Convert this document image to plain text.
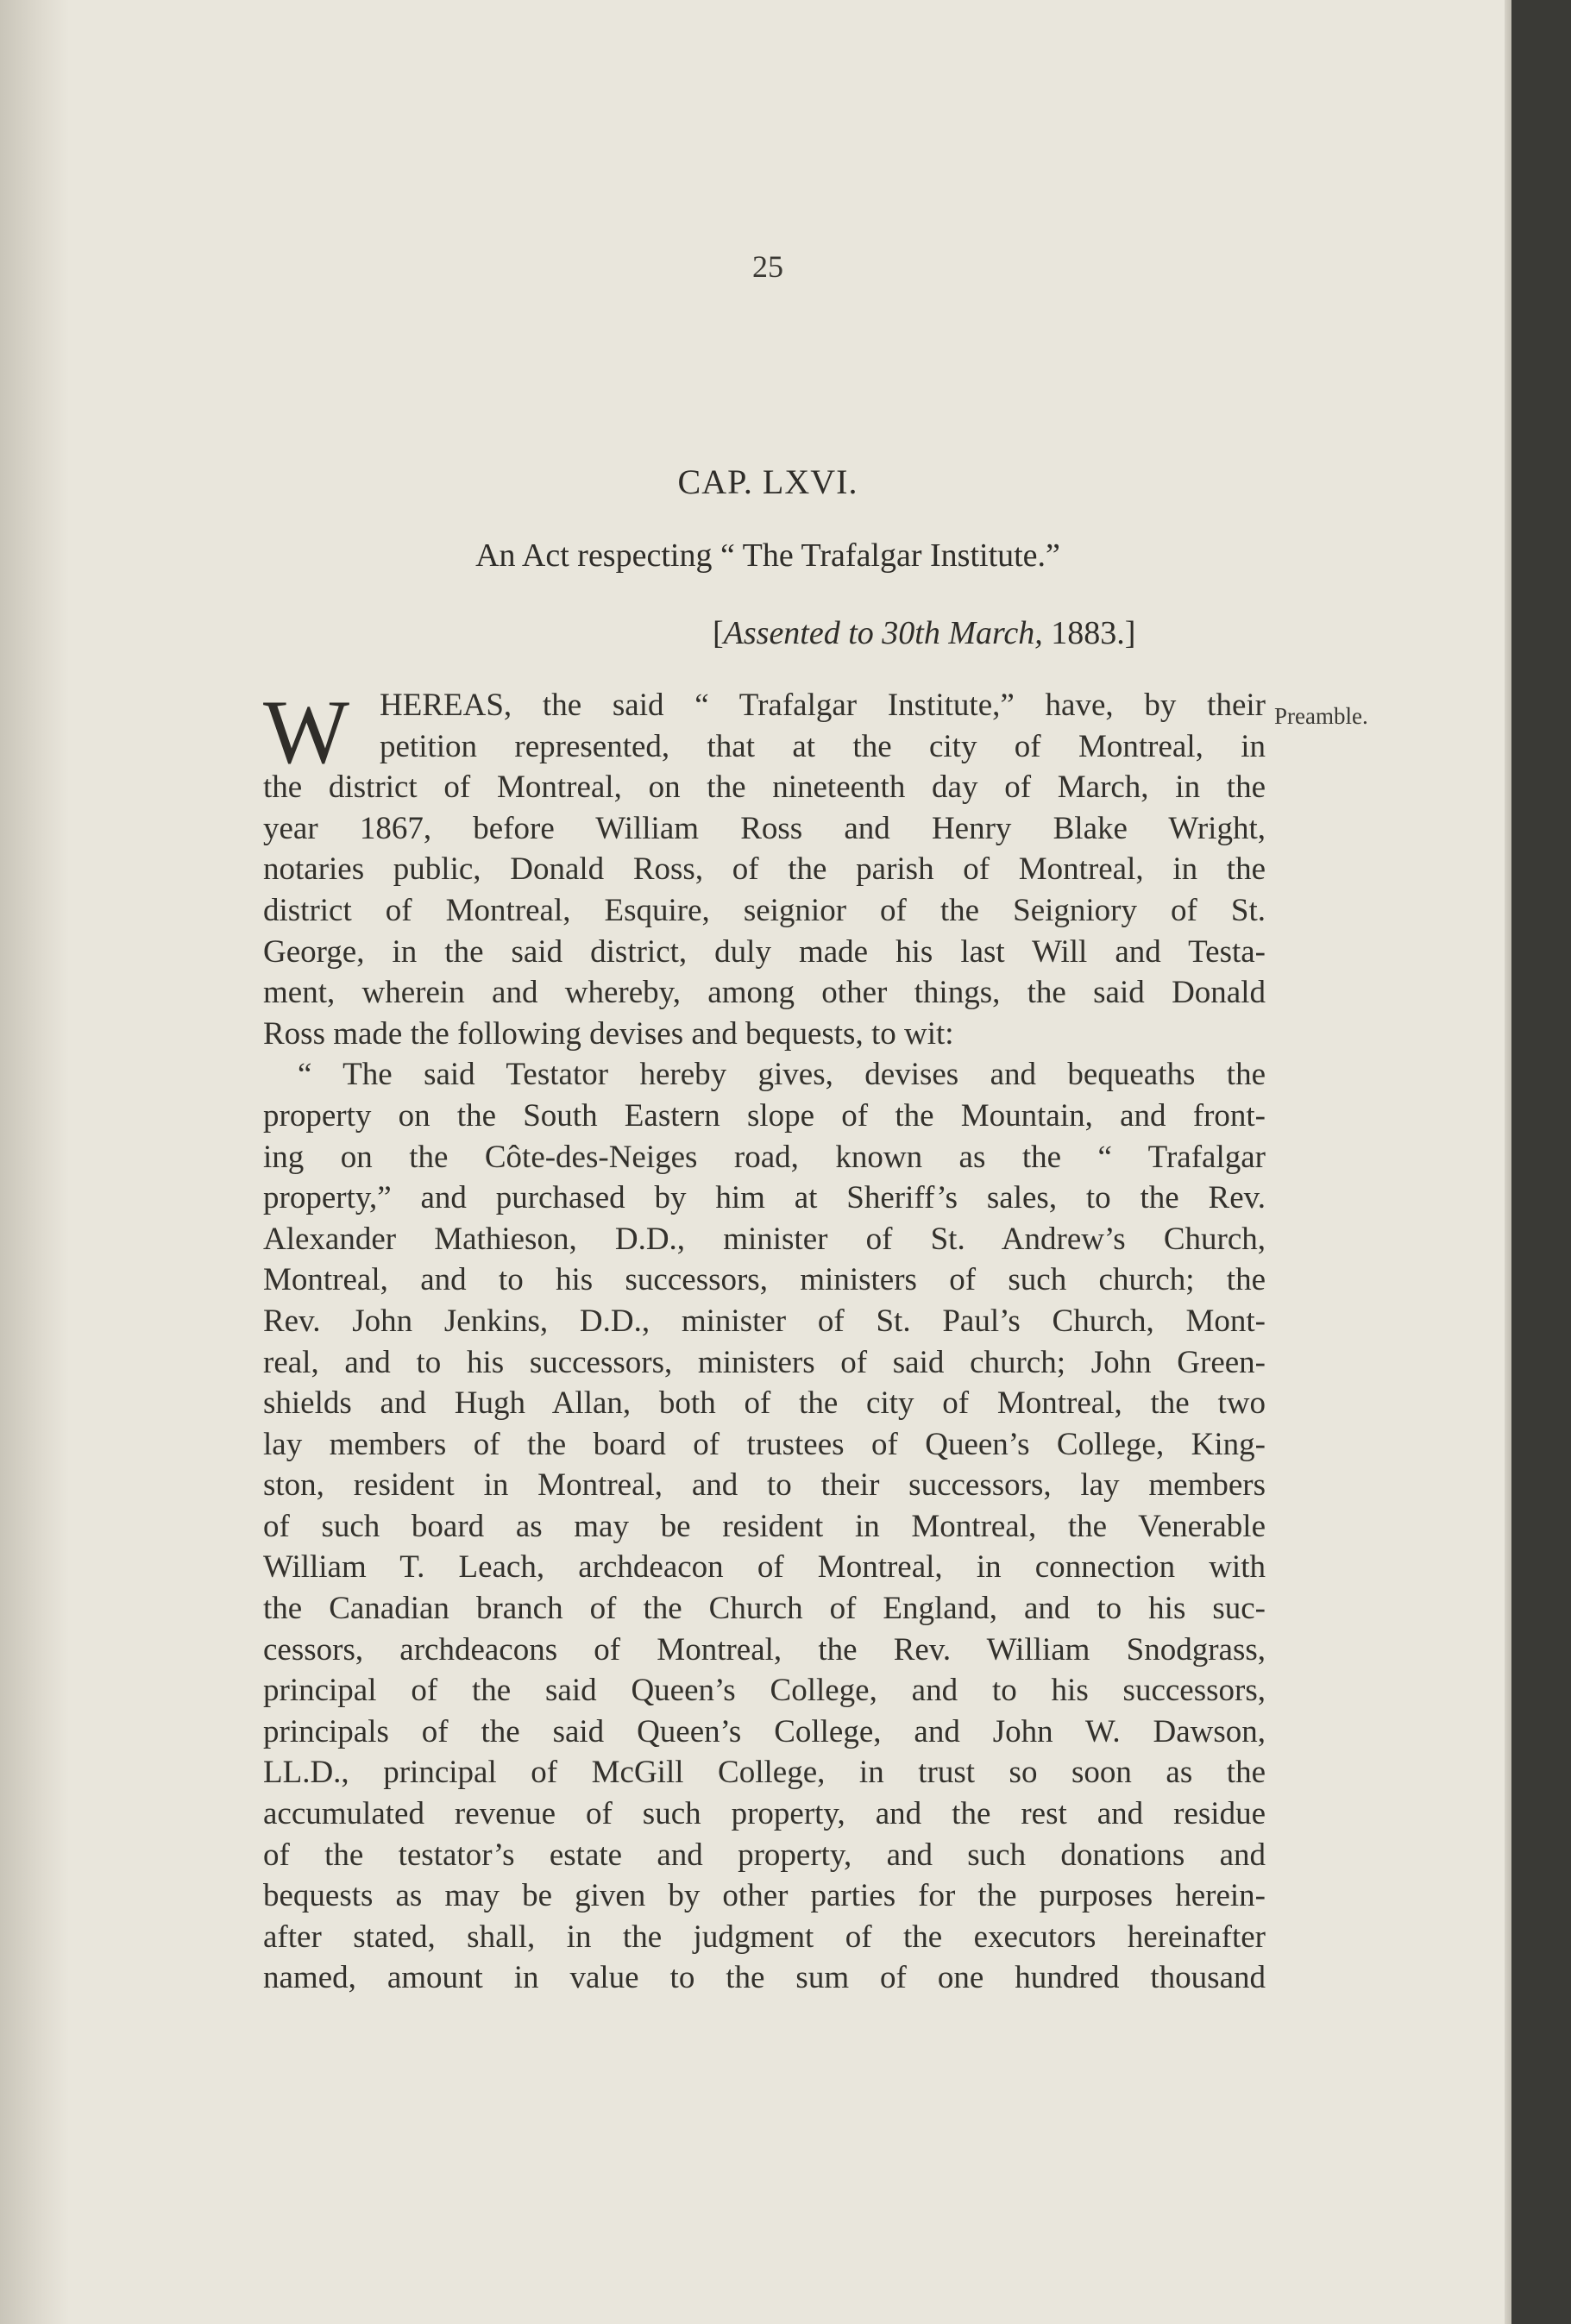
25
CAP. LXVI.
An Act respecting “ The Trafalgar Institute.”
[Assented to 30th March, 1883.]
Preamble.
W HEREAS, the said “ Trafalgar Institute,” have, by their
petition represented, that at the city of Montreal, in
the district of Montreal, on the nineteenth day of March, in the
year 1867, before William Ross and Henry Blake Wright,
notaries public, Donald Ross, of the parish of Montreal, in the
district of Montreal, Esquire, seignior of the Seigniory of St.
George, in the said district, duly made his last Will and Testa-
ment, wherein and whereby, among other things, the said Donald
Ross made the following devises and bequests, to wit:
“ The said Testator hereby gives, devises and bequeaths the
property on the South Eastern slope of the Mountain, and front-
ing on the Côte-des-Neiges road, known as the “ Trafalgar
property,” and purchased by him at Sheriff’s sales, to the Rev.
Alexander Mathieson, D.D., minister of St. Andrew’s Church,
Montreal, and to his successors, ministers of such church; the
Rev. John Jenkins, D.D., minister of St. Paul’s Church, Mont-
real, and to his successors, ministers of said church; John Green-
shields and Hugh Allan, both of the city of Montreal, the two
lay members of the board of trustees of Queen’s College, King-
ston, resident in Montreal, and to their successors, lay members
of such board as may be resident in Montreal, the Venerable
William T. Leach, archdeacon of Montreal, in connection with
the Canadian branch of the Church of England, and to his suc-
cessors, archdeacons of Montreal, the Rev. William Snodgrass,
principal of the said Queen’s College, and to his successors,
principals of the said Queen’s College, and John W. Dawson,
LL.D., principal of McGill College, in trust so soon as the
accumulated revenue of such property, and the rest and residue
of the testator’s estate and property, and such donations and
bequests as may be given by other parties for the purposes herein-
after stated, shall, in the judgment of the executors hereinafter
named, amount in value to the sum of one hundred thousand
